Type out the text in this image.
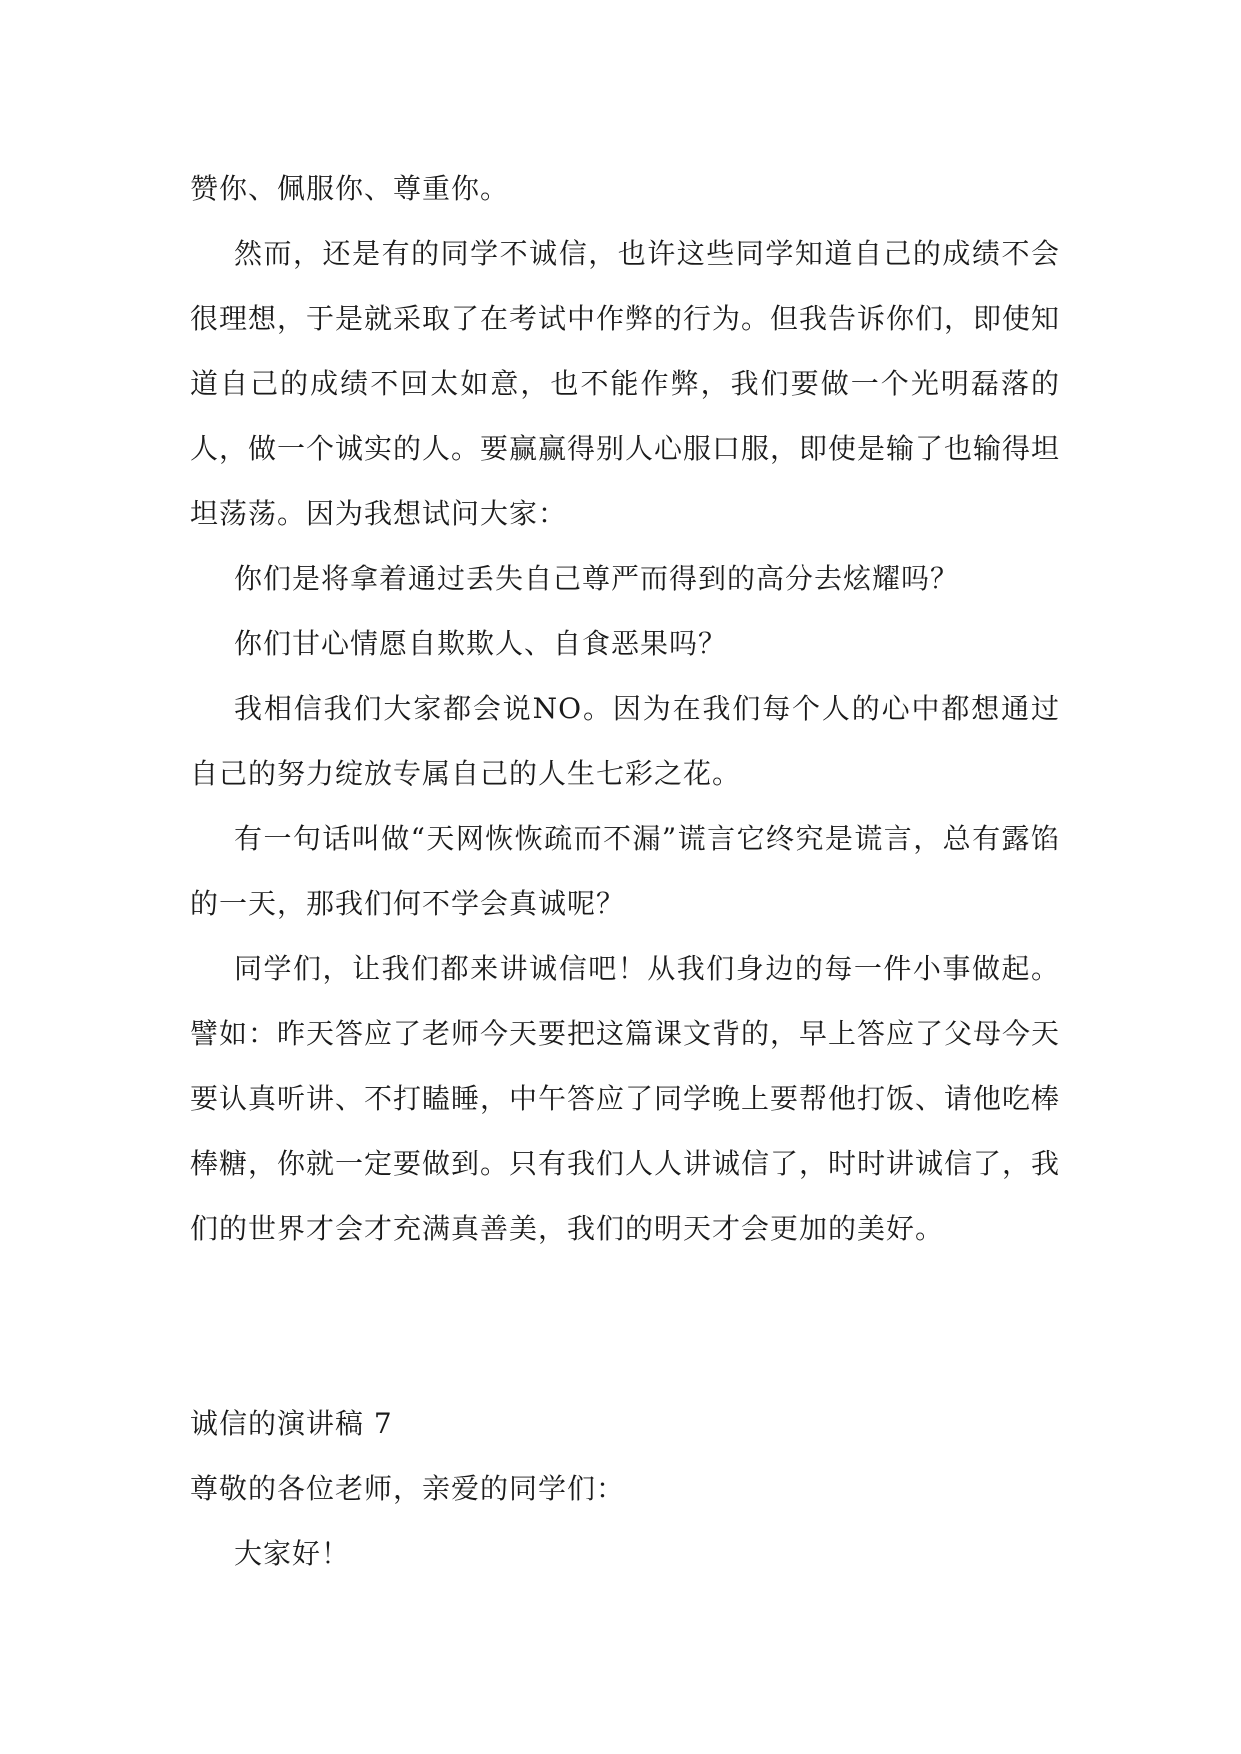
赞你、佩服你、尊重你。

然而，还是有的同学不诚信，也许这些同学知道自己的成绩不会很理想，于是就采取了在考试中作弊的行为。但我告诉你们，即使知道自己的成绩不回太如意，也不能作弊，我们要做一个光明磊落的人，做一个诚实的人。要赢赢得别人心服口服，即使是输了也输得坦坦荡荡。因为我想试问大家：

你们是将拿着通过丢失自己尊严而得到的高分去炫耀吗？

你们甘心情愿自欺欺人、自食恶果吗？

我相信我们大家都会说NO。因为在我们每个人的心中都想通过自己的努力绽放专属自己的人生七彩之花。

有一句话叫做“天网恢恢疏而不漏”谎言它终究是谎言，总有露馅的一天，那我们何不学会真诚呢？

同学们，让我们都来讲诚信吧！从我们身边的每一件小事做起。譬如：昨天答应了老师今天要把这篇课文背的，早上答应了父母今天要认真听讲、不打瞌睡，中午答应了同学晚上要帮他打饭、请他吃棒棒糖，你就一定要做到。只有我们人人讲诚信了，时时讲诚信了，我们的世界才会才充满真善美，我们的明天才会更加的美好。

诚信的演讲稿 7

尊敬的各位老师，亲爱的同学们：

大家好！
